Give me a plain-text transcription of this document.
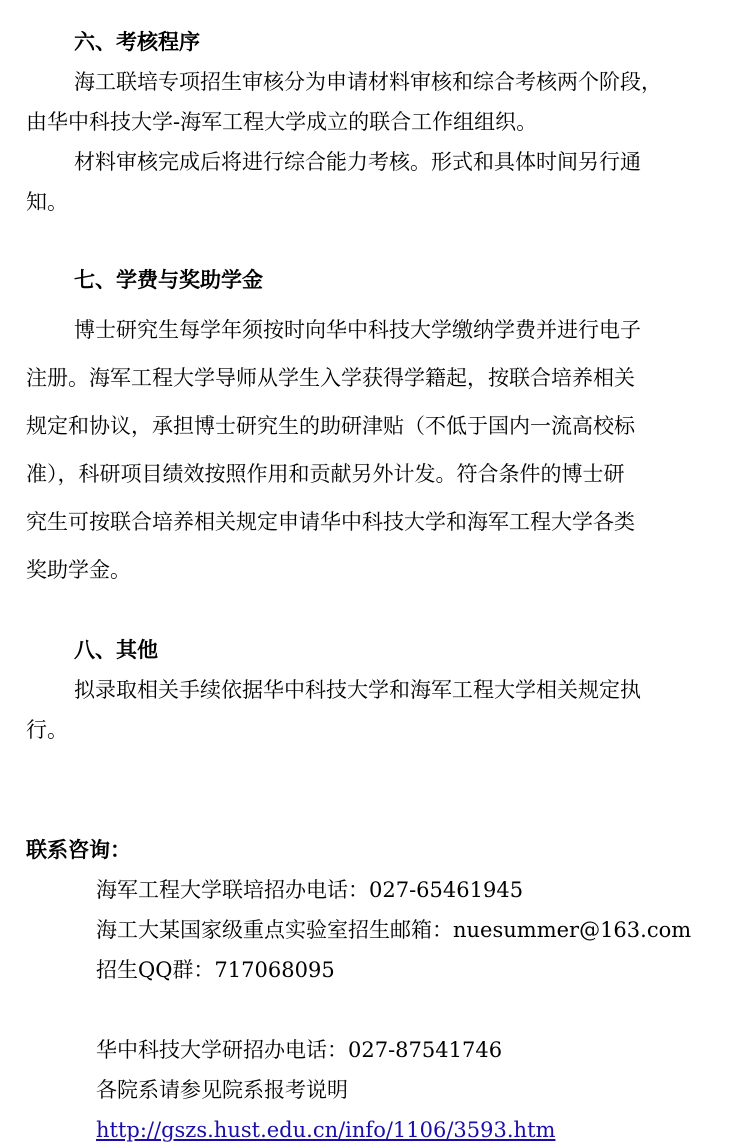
六、考核程序
海工联培专项招生审核分为申请材料审核和综合考核两个阶段，
由华中科技大学-海军工程大学成立的联合工作组组织。
材料审核完成后将进行综合能力考核。形式和具体时间另行通
知。
七、学费与奖助学金
博士研究生每学年须按时向华中科技大学缴纳学费并进行电子
注册。海军工程大学导师从学生入学获得学籍起，按联合培养相关
规定和协议，承担博士研究生的助研津贴（不低于国内一流高校标
准），科研项目绩效按照作用和贡献另外计发。符合条件的博士研
究生可按联合培养相关规定申请华中科技大学和海军工程大学各类
奖助学金。
八、其他
拟录取相关手续依据华中科技大学和海军工程大学相关规定执
行。
联系咨询：
海军工程大学联培招办电话：027-65461945
海工大某国家级重点实验室招生邮箱：nuesummer@163.com
招生QQ群：717068095
华中科技大学研招办电话：027-87541746
各院系请参见院系报考说明
http://gszs.hust.edu.cn/info/1106/3593.htm
